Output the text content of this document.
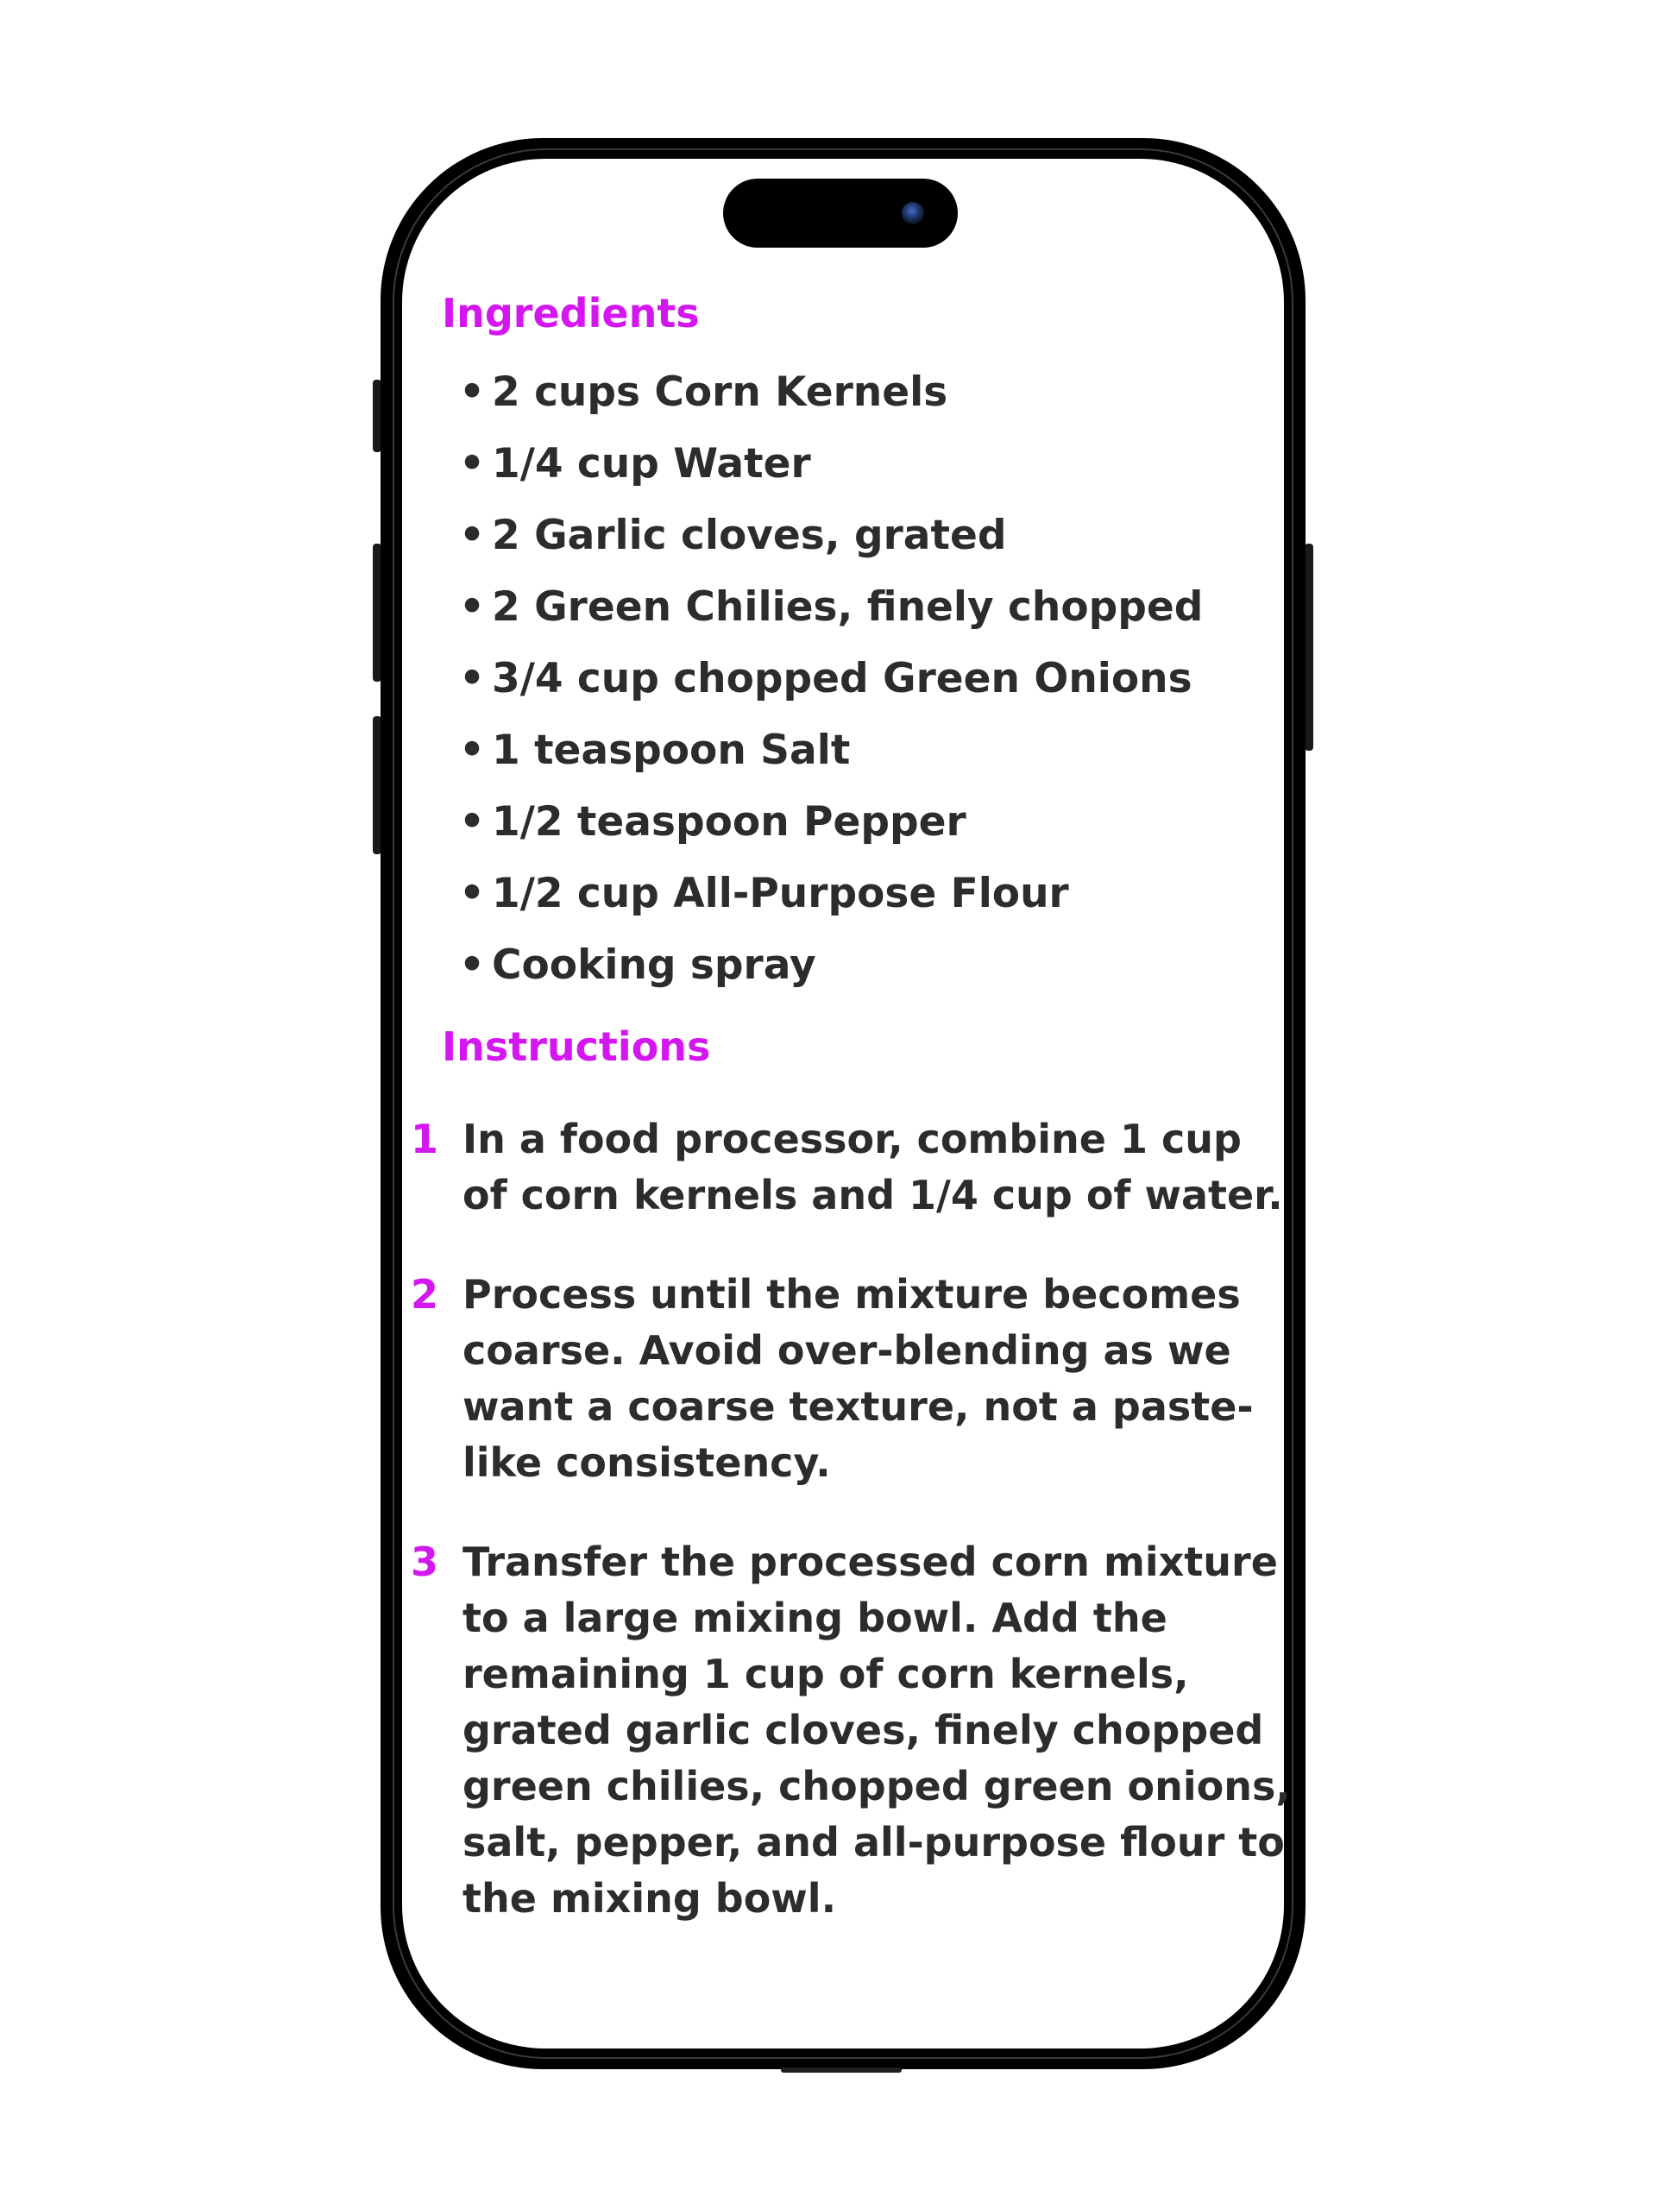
Ingredients
• 2 cups Corn Kernels
• 1/4 cup Water
• 2 Garlic cloves, grated
• 2 Green Chilies, finely chopped
• 3/4 cup chopped Green Onions
• 1 teaspoon Salt
• 1/2 teaspoon Pepper
• 1/2 cup All-Purpose Flour
• Cooking spray
Instructions
1 In a food processor, combine 1 cup of corn kernels and 1/4 cup of water.
2 Process until the mixture becomes coarse. Avoid over-blending as we want a coarse texture, not a paste-like consistency.
3 Transfer the processed corn mixture to a large mixing bowl. Add the remaining 1 cup of corn kernels, grated garlic cloves, finely chopped green chilies, chopped green onions, salt, pepper, and all-purpose flour to the mixing bowl.
